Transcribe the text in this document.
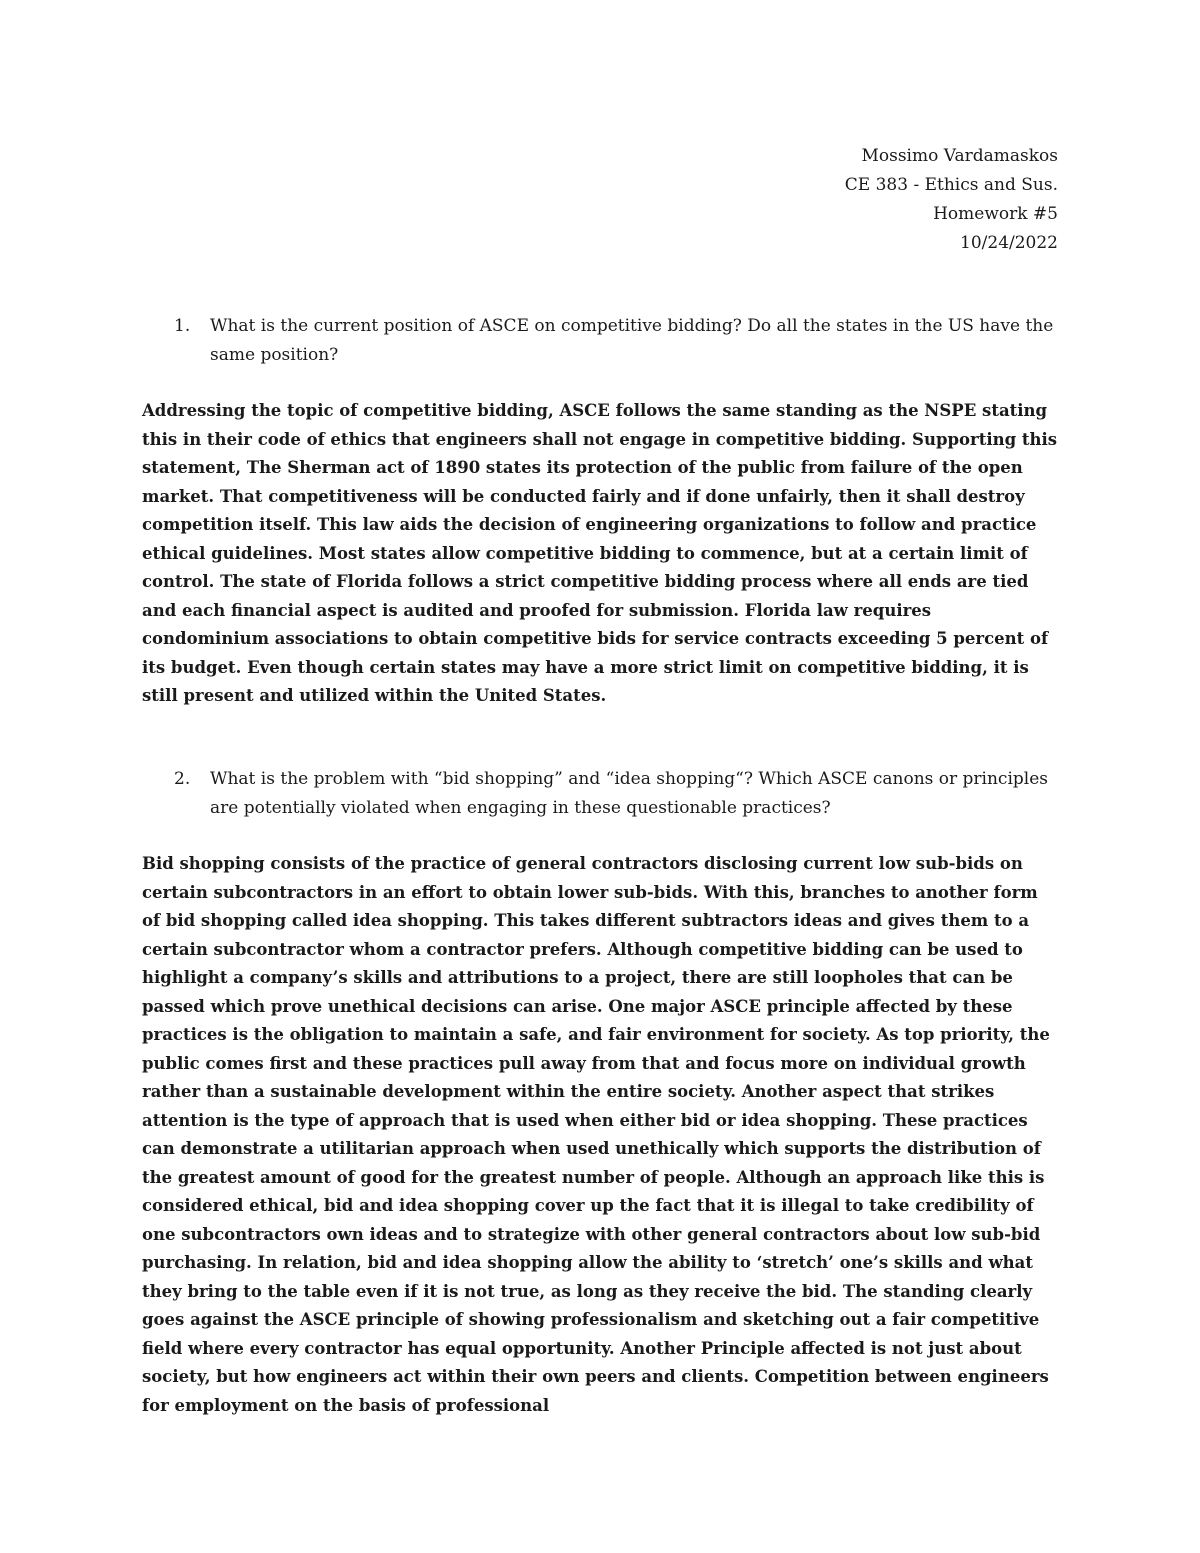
Mossimo Vardamaskos
CE 383 - Ethics and Sus.
Homework #5
10/24/2022
1. What is the current position of ASCE on competitive bidding? Do all the states in the US have the same position?
Addressing the topic of competitive bidding, ASCE follows the same standing as the NSPE stating this in their code of ethics that engineers shall not engage in competitive bidding. Supporting this statement, The Sherman act of 1890 states its protection of the public from failure of the open market. That competitiveness will be conducted fairly and if done unfairly, then it shall destroy competition itself. This law aids the decision of engineering organizations to follow and practice ethical guidelines. Most states allow competitive bidding to commence, but at a certain limit of control. The state of Florida follows a strict competitive bidding process where all ends are tied and each financial aspect is audited and proofed for submission. Florida law requires condominium associations to obtain competitive bids for service contracts exceeding 5 percent of its budget. Even though certain states may have a more strict limit on competitive bidding, it is still present and utilized within the United States.
2. What is the problem with “bid shopping” and “idea shopping“? Which ASCE canons or principles are potentially violated when engaging in these questionable practices?
Bid shopping consists of the practice of general contractors disclosing current low sub-bids on certain subcontractors in an effort to obtain lower sub-bids. With this, branches to another form of bid shopping called idea shopping. This takes different subtractors ideas and gives them to a certain subcontractor whom a contractor prefers. Although competitive bidding can be used to highlight a company’s skills and attributions to a project, there are still loopholes that can be passed which prove unethical decisions can arise. One major ASCE principle affected by these practices is the obligation to maintain a safe, and fair environment for society. As top priority, the public comes first and these practices pull away from that and focus more on individual growth rather than a sustainable development within the entire society. Another aspect that strikes attention is the type of approach that is used when either bid or idea shopping. These practices can demonstrate a utilitarian approach when used unethically which supports the distribution of the greatest amount of good for the greatest number of people. Although an approach like this is considered ethical, bid and idea shopping cover up the fact that it is illegal to take credibility of one subcontractors own ideas and to strategize with other general contractors about low sub-bid purchasing. In relation, bid and idea shopping allow the ability to ‘stretch’ one’s skills and what they bring to the table even if it is not true, as long as they receive the bid. The standing clearly goes against the ASCE principle of showing professionalism and sketching out a fair competitive field where every contractor has equal opportunity. Another Principle affected is not just about society, but how engineers act within their own peers and clients. Competition between engineers for employment on the basis of professional
